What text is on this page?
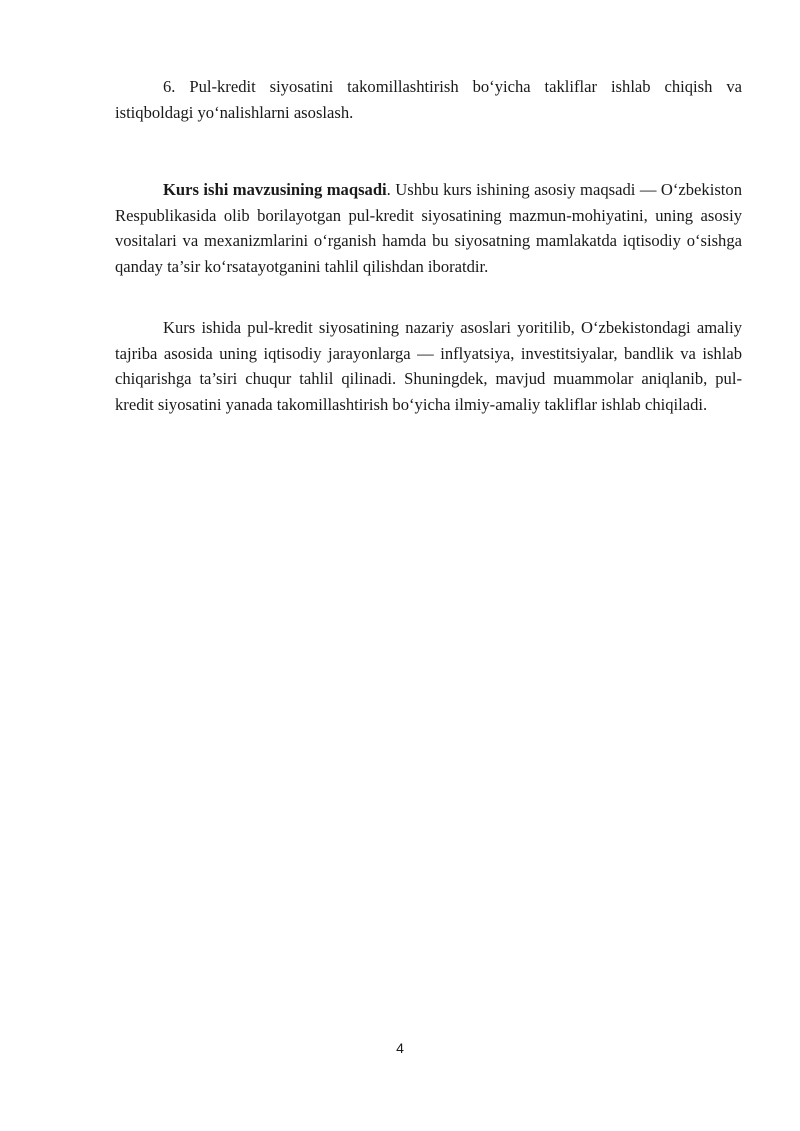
6. Pul-kredit siyosatini takomillashtirish bo‘yicha takliflar ishlab chiqish va istiqboldagi yo‘nalishlarni asoslash.

Kurs ishi mavzusining maqsadi. Ushbu kurs ishining asosiy maqsadi — O‘zbekiston Respublikasida olib borilayotgan pul-kredit siyosatining mazmun-mohiyatini, uning asosiy vositalari va mexanizmlarini o‘rganish hamda bu siyosatning mamlakatda iqtisodiy o‘sishga qanday ta’sir ko‘rsatayotganini tahlil qilishdan iboratdir.

Kurs ishida pul-kredit siyosatining nazariy asoslari yoritilib, O‘zbekistondagi amaliy tajriba asosida uning iqtisodiy jarayonlarga — inflyatsiya, investitsiyalar, bandlik va ishlab chiqarishga ta’siri chuqur tahlil qilinadi. Shuningdek, mavjud muammolar aniqlanib, pul-kredit siyosatini yanada takomillashtirish bo‘yicha ilmiy-amaliy takliflar ishlab chiqiladi.

4
